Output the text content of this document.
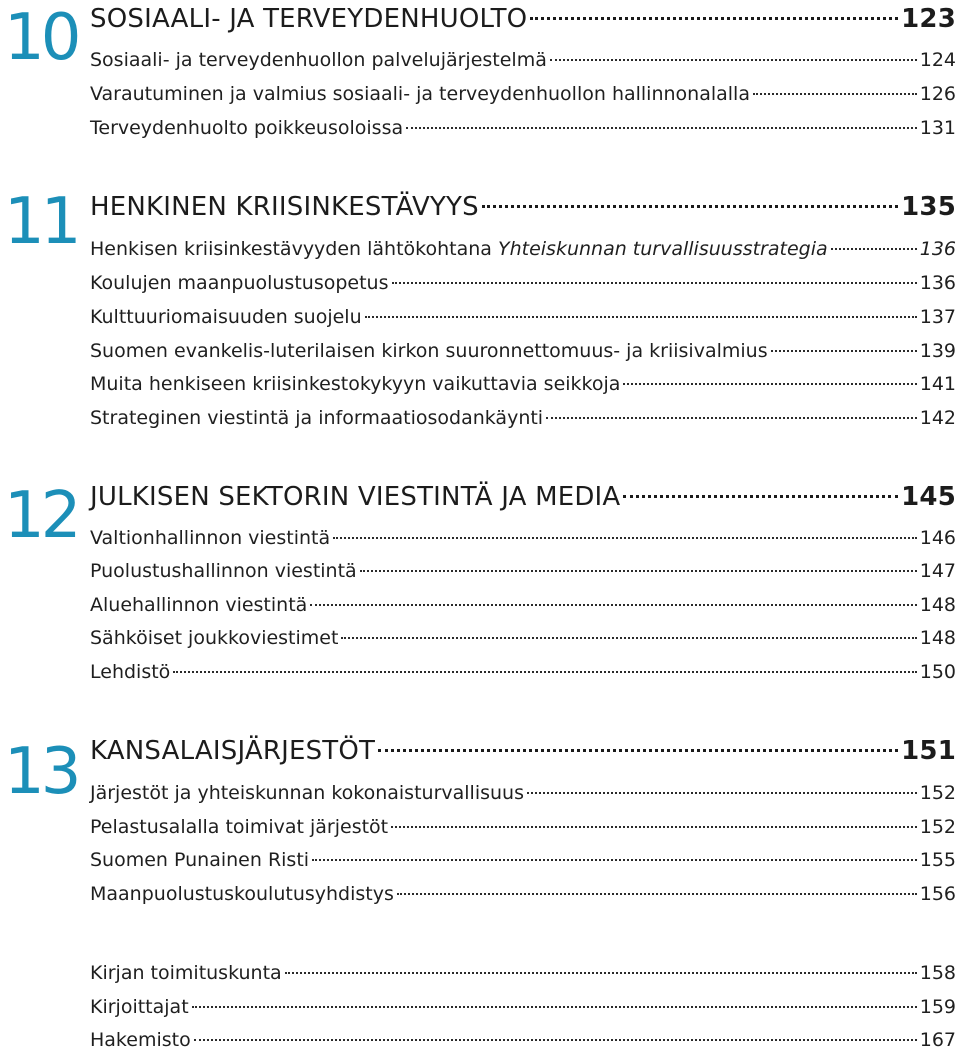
10 SOSIAALI- JA TERVEYDENHUOLTO	123
Sosiaali- ja terveydenhuollon palvelujärjestelmä	124
Varautuminen ja valmius sosiaali- ja terveydenhuollon hallinnonalalla	126
Terveydenhuolto poikkeusoloissa	131
11 HENKINEN KRIISINKESTÄVYYS	135
Henkisen kriisinkestävyyden lähtökohtana Yhteiskunnan turvallisuusstrategia	136
Koulujen maanpuolustusopetus	136
Kulttuuriomaisuuden suojelu	137
Suomen evankelis-luterilaisen kirkon suuronnettomuus- ja kriisivalmius	139
Muita henkiseen kriisinkestokykyyn vaikuttavia seikkoja	141
Strateginen viestintä ja informaatiosodankäynti	142
12 JULKISEN SEKTORIN VIESTINTÄ JA MEDIA	145
Valtionhallinnon viestintä	146
Puolustushallinnon viestintä	147
Aluehallinnon viestintä	148
Sähköiset joukkoviestimet	148
Lehdistö	150
13 KANSALAISJÄRJESTÖT	151
Järjestöt ja yhteiskunnan kokonaisturvallisuus	152
Pelastusalalla toimivat järjestöt	152
Suomen Punainen Risti	155
Maanpuolustuskoulutusyhdistys	156
Kirjan toimituskunta	158
Kirjoittajat	159
Hakemisto	167
